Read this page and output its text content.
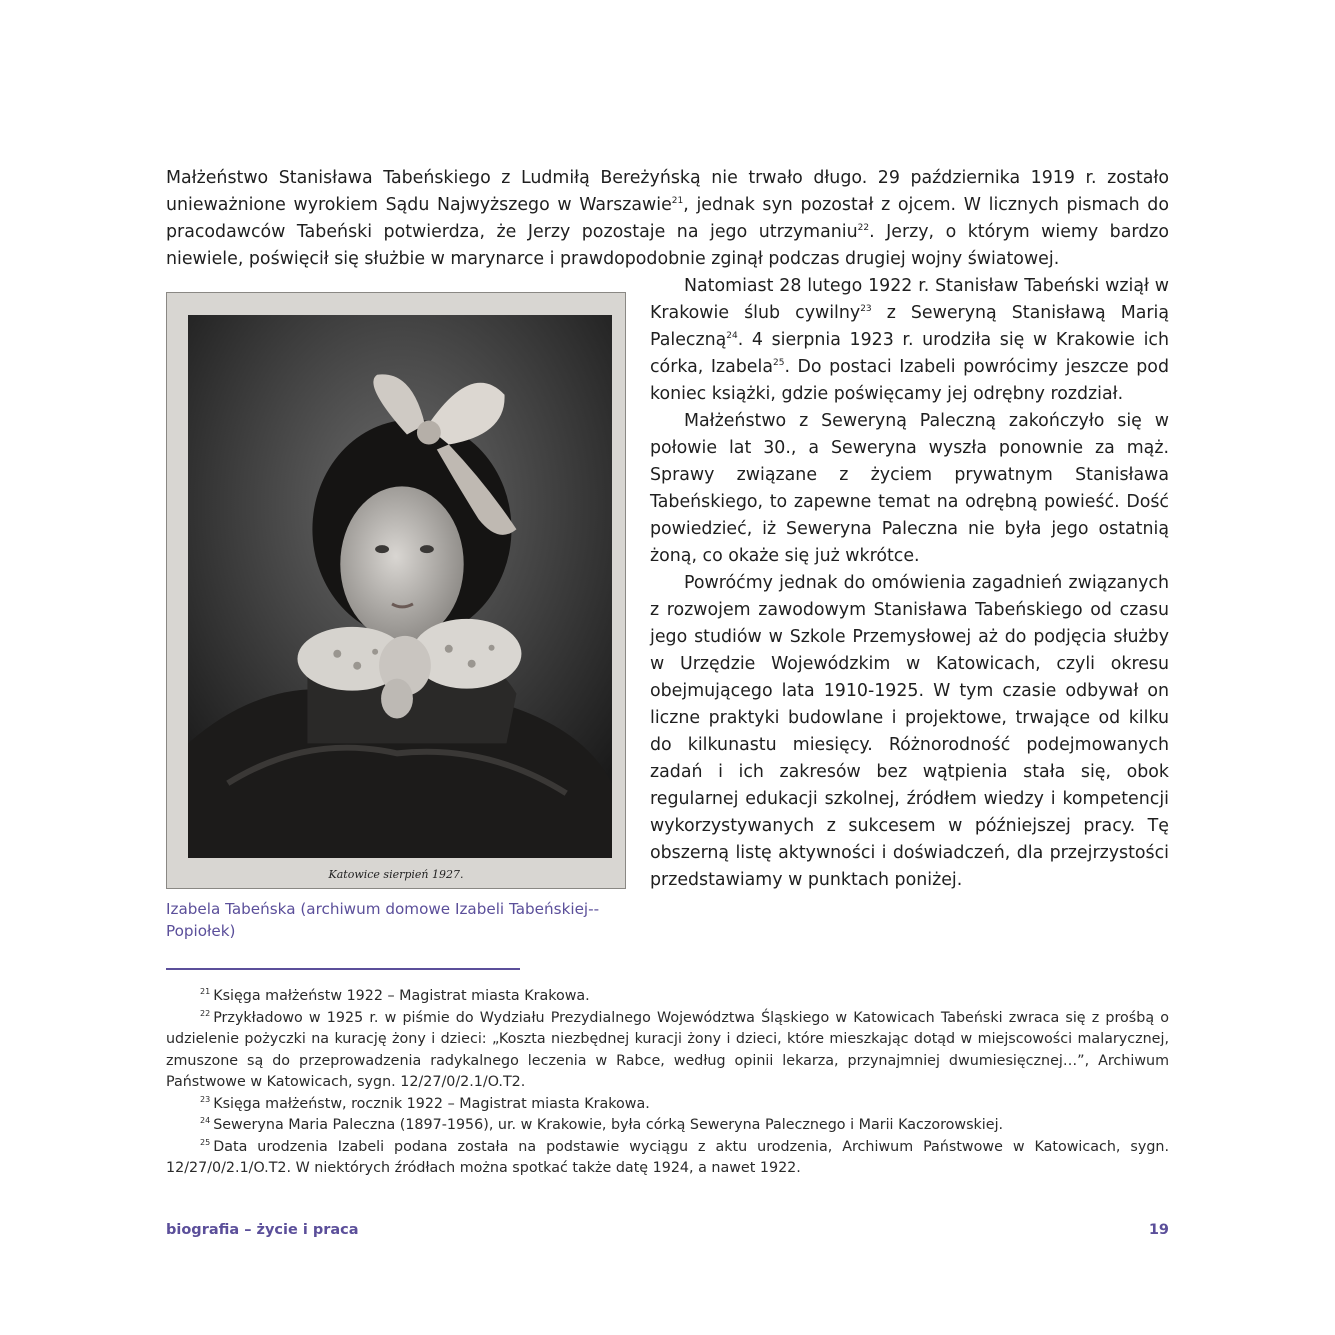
Małżeństwo Stanisława Tabeńskiego z Ludmiłą Bereżyńską nie trwało długo. 29 października 1919 r. zostało unieważnione wyrokiem Sądu Najwyższego w Warszawie$^{21}$, jednak syn pozostał z ojcem. W licznych pismach do pracodawców Tabeński potwierdza, że Jerzy pozostaje na jego utrzymaniu$^{22}$. Jerzy, o którym wiemy bardzo niewiele, poświęcił się służbie w marynarce i prawdopodobnie zginął podczas drugiej wojny światowej.
Katowice sierpień 1927.
Izabela Tabeńska (archiwum domowe Izabeli Tabeńskiej--Popiołek)

Natomiast 28 lutego 1922 r. Stanisław Tabeński wziął w Krakowie ślub cywilny$^{23}$ z Seweryną Stanisławą Marią Paleczną$^{24}$. 4 sierpnia 1923 r. urodziła się w Krakowie ich córka, Izabela$^{25}$. Do postaci Izabeli powrócimy jeszcze pod koniec książki, gdzie poświęcamy jej odrębny rozdział.

Małżeństwo z Seweryną Paleczną zakończyło się w połowie lat 30., a Seweryna wyszła ponownie za mąż. Sprawy związane z życiem prywatnym Stanisława Tabeńskiego, to zapewne temat na odrębną powieść. Dość powiedzieć, iż Seweryna Paleczna nie była jego ostatnią żoną, co okaże się już wkrótce.

Powróćmy jednak do omówienia zagadnień związanych z rozwojem zawodowym Stanisława Tabeńskiego od czasu jego studiów w Szkole Przemysłowej aż do podjęcia służby w Urzędzie Wojewódzkim w Katowicach, czyli okresu obejmującego lata 1910-1925. W tym czasie odbywał on liczne praktyki budowlane i projektowe, trwające od kilku do kilkunastu miesięcy. Różnorodność podejmowanych zadań i ich zakresów bez wątpienia stała się, obok regularnej edukacji szkolnej, źródłem wiedzy i kompetencji wykorzystywanych z sukcesem w późniejszej pracy. Tę obszerną listę aktywności i doświadczeń, dla przejrzystości przedstawiamy w punktach poniżej.

$^{21}$ Księga małżeństw 1922 – Magistrat miasta Krakowa.

$^{22}$ Przykładowo w 1925 r. w piśmie do Wydziału Prezydialnego Województwa Śląskiego w Katowicach Tabeński zwraca się z prośbą o udzielenie pożyczki na kurację żony i dzieci: „Koszta niezbędnej kuracji żony i dzieci, które mieszkając dotąd w miejscowości malarycznej, zmuszone są do przeprowadzenia radykalnego leczenia w Rabce, według opinii lekarza, przynajmniej dwumiesięcznej…”, Archiwum Państwowe w Katowicach, sygn. 12/27/0/2.1/O.T2.

$^{23}$ Księga małżeństw, rocznik 1922 – Magistrat miasta Krakowa.

$^{24}$ Seweryna Maria Paleczna (1897-1956), ur. w Krakowie, była córką Seweryna Palecznego i Marii Kaczorowskiej.

$^{25}$ Data urodzenia Izabeli podana została na podstawie wyciągu z aktu urodzenia, Archiwum Państwowe w Katowicach, sygn. 12/27/0/2.1/O.T2. W niektórych źródłach można spotkać także datę 1924, a nawet 1922.

biografia – życie i praca	19
